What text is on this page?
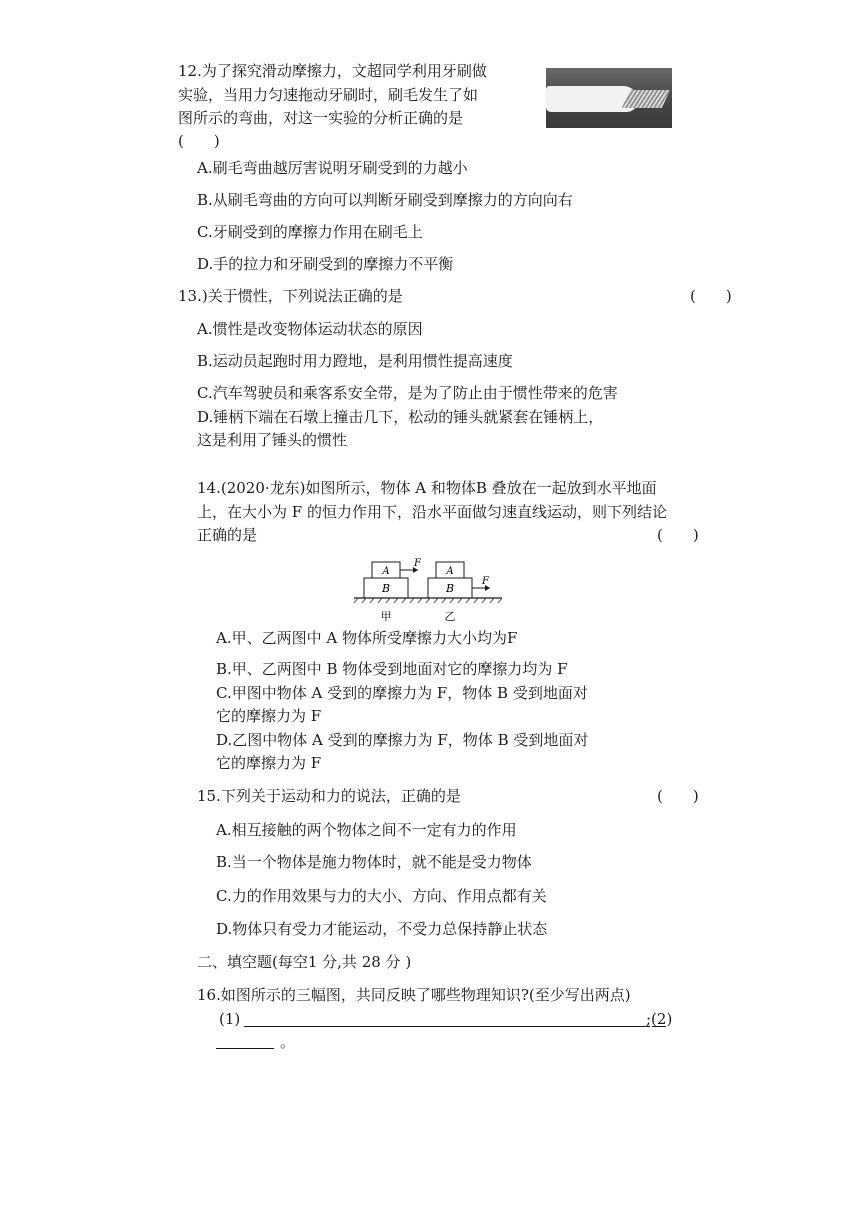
12.为了探究滑动摩擦力，文超同学利用牙刷做
实验，当用力匀速拖动牙刷时，刷毛发生了如
图所示的弯曲，对这一实验的分析正确的是
(　　)
A.刷毛弯曲越厉害说明牙刷受到的力越小
B.从刷毛弯曲的方向可以判断牙刷受到摩擦力的方向向右
C.牙刷受到的摩擦力作用在刷毛上
D.手的拉力和牙刷受到的摩擦力不平衡
13.)关于惯性，下列说法正确的是	(　　)
A.惯性是改变物体运动状态的原因
B.运动员起跑时用力蹬地，是利用惯性提高速度
C.汽车驾驶员和乘客系安全带，是为了防止由于惯性带来的危害
D.锤柄下端在石墩上撞击几下，松动的锤头就紧套在锤柄上，
这是利用了锤头的惯性
14.(2020·龙东)如图所示，物体 A 和物体B 叠放在一起放到水平地面
上，在大小为 F 的恒力作用下，沿水平面做匀速直线运动，则下列结论
正确的是	(　　)
A
B
F
A
B
F
甲	乙
A.甲、乙两图中 A 物体所受摩擦力大小均为F
B.甲、乙两图中 B 物体受到地面对它的摩擦力均为 F
C.甲图中物体 A 受到的摩擦力为 F，物体 B 受到地面对
它的摩擦力为 F
D.乙图中物体 A 受到的摩擦力为 F，物体 B 受到地面对
它的摩擦力为 F
15.下列关于运动和力的说法，正确的是	(　　)
A.相互接触的两个物体之间不一定有力的作用
B.当一个物体是施力物体时，就不能是受力物体
C.力的作用效果与力的大小、方向、作用点都有关
D.物体只有受力才能运动，不受力总保持静止状态
二、填空题(每空1 分,共 28 分 )
16.如图所示的三幅图，共同反映了哪些物理知识?(至少写出两点)
(1)	;(2)
。
